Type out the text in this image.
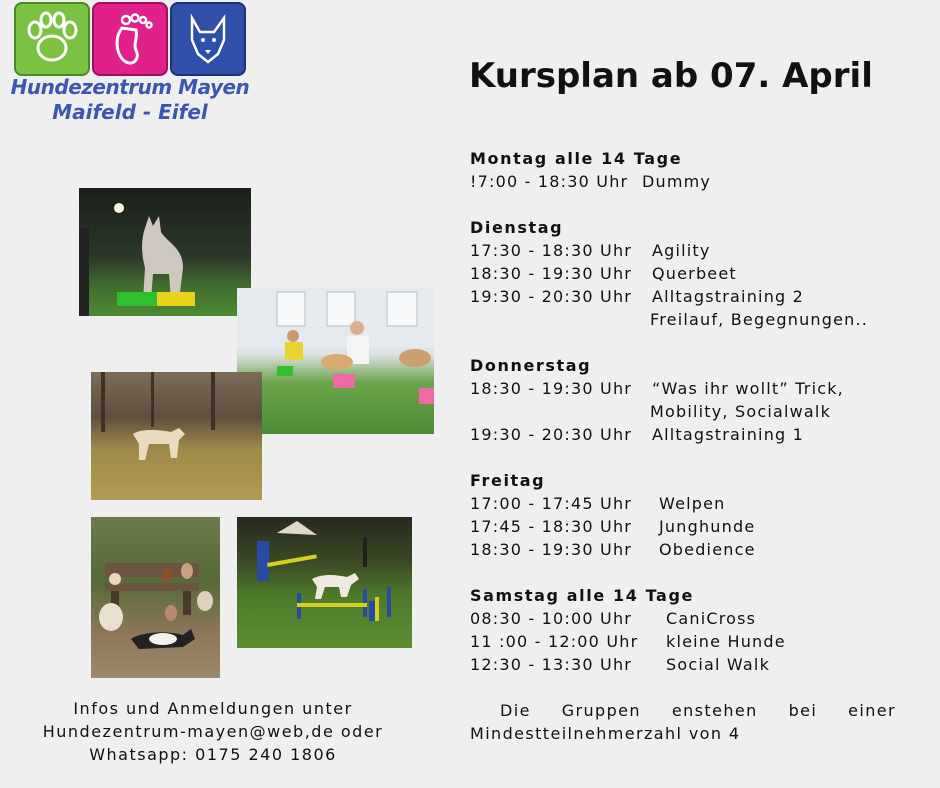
Hundezentrum Mayen
Maifeld - Eifel
Kursplan ab 07. April
Montag alle 14 Tage
!7:00 - 18:30 Uhr Dummy
Dienstag
17:30 - 18:30 Uhr Agility
18:30 - 19:30 Uhr Querbeet
19:30 - 20:30 Uhr Alltagstraining 2
Freilauf, Begegnungen..
Donnerstag
18:30 - 19:30 Uhr “Was ihr wollt” Trick,
Mobility, Socialwalk
19:30 - 20:30 Uhr Alltagstraining 1
Freitag
17:00 - 17:45 Uhr Welpen
17:45 - 18:30 Uhr Junghunde
18:30 - 19:30 Uhr Obedience
Samstag alle 14 Tage
08:30 - 10:00 Uhr CaniCross
11 :00 - 12:00 Uhr kleine Hunde
12:30 - 13:30 Uhr Social Walk
Infos und Anmeldungen unter
Hundezentrum-mayen@web,de oder
Whatsapp: 0175 240 1806
Die Gruppen enstehen bei einer
Mindestteilnehmerzahl von 4
